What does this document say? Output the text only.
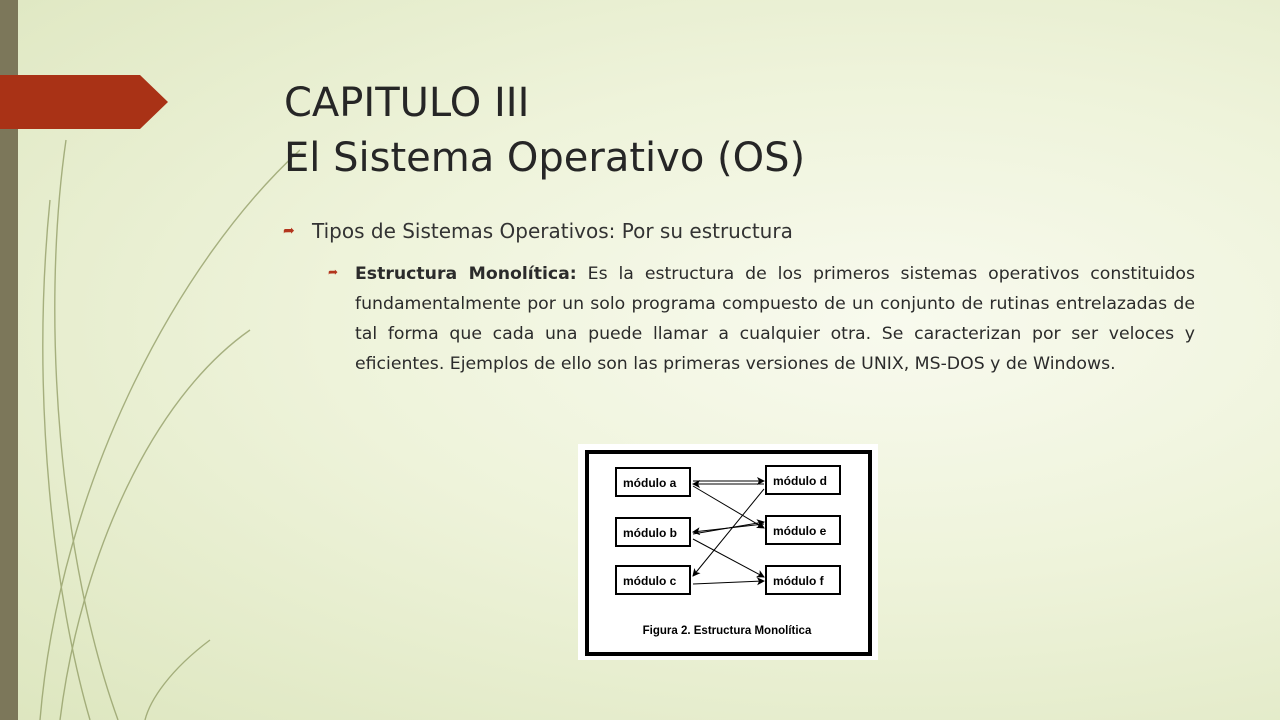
CAPITULO III
El Sistema Operativo (OS)
➦ Tipos de Sistemas Operativos: Por su estructura

➦ Estructura Monolítica: Es la estructura de los primeros sistemas operativos constituidos fundamentalmente por un solo programa compuesto de un conjunto de rutinas entrelazadas de tal forma que cada una puede llamar a cualquier otra. Se caracterizan por ser veloces y eficientes. Ejemplos de ello son las primeras versiones de UNIX, MS-DOS y de Windows.

módulo a
módulo b
módulo c
módulo d
módulo e
módulo f
Figura 2. Estructura Monolítica
